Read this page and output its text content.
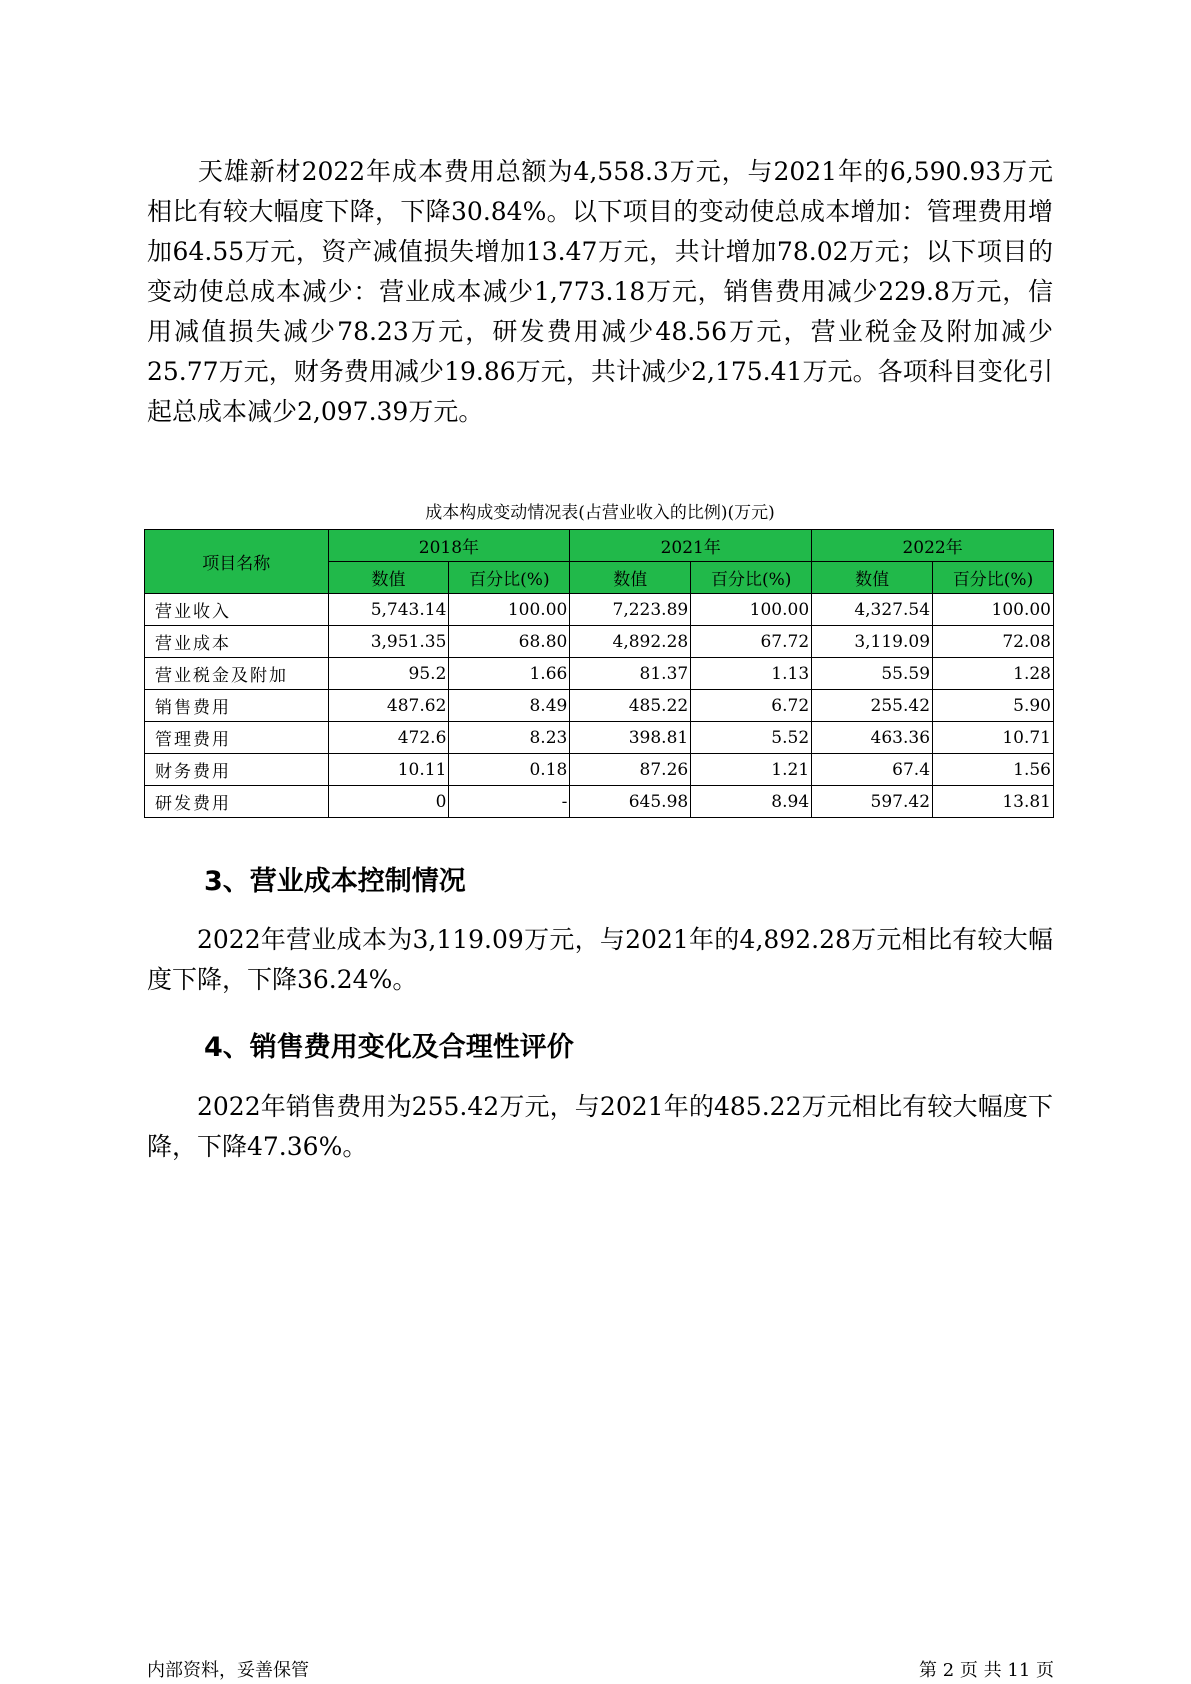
天雄新材2022年成本费用总额为4,558.3万元，与2021年的6,590.93万元相比有较大幅度下降，下降30.84%。以下项目的变动使总成本增加：管理费用增加64.55万元，资产减值损失增加13.47万元，共计增加78.02万元；以下项目的变动使总成本减少：营业成本减少1,773.18万元，销售费用减少229.8万元，信用减值损失减少78.23万元，研发费用减少48.56万元，营业税金及附加减少25.77万元，财务费用减少19.86万元，共计减少2,175.41万元。各项科目变化引起总成本减少2,097.39万元。

成本构成变动情况表(占营业收入的比例)(万元)
项目名称	2018年		2021年		2022年	
	数值	百分比(%)	数值	百分比(%)	数值	百分比(%)
营业收入	5,743.14	100.00	7,223.89	100.00	4,327.54	100.00
营业成本	3,951.35	68.80	4,892.28	67.72	3,119.09	72.08
营业税金及附加	95.2	1.66	81.37	1.13	55.59	1.28
销售费用	487.62	8.49	485.22	6.72	255.42	5.90
管理费用	472.6	8.23	398.81	5.52	463.36	10.71
财务费用	10.11	0.18	87.26	1.21	67.4	1.56
研发费用	0	-	645.98	8.94	597.42	13.81
3、营业成本控制情况

2022年营业成本为3,119.09万元，与2021年的4,892.28万元相比有较大幅度下降，下降36.24%。

4、销售费用变化及合理性评价

2022年销售费用为255.42万元，与2021年的485.22万元相比有较大幅度下降，下降47.36%。

内部资料，妥善保管	第 2 页 共 11 页
